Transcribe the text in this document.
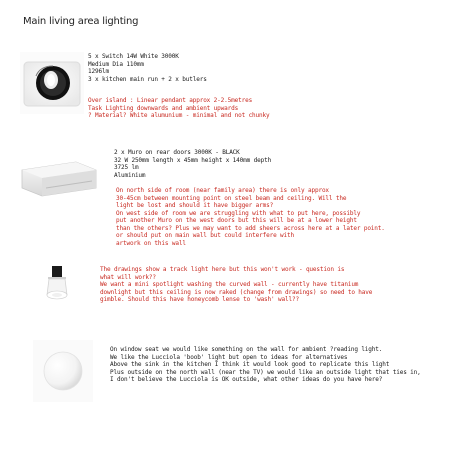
Main living area lighting
5 x Switch 14W White 3000K
Medium Dia 110mm
1296lm
3 x kitchen main run + 2 x butlers
Over island : Linear pendant approx 2-2.5metres
Task Lighting downwards and ambient upwards
? Material? White alumunium - minimal and not chunky
2 x Muro on rear doors 3000K - BLACK
32 W 250mm length x 45mm height x 140mm depth
3725 lm
Aluminium
On north side of room (near family area) there is only approx
30-45cm between mounting point on steel beam and ceiling. Will the
light be lost and should it have bigger arms?
On west side of room we are struggling with what to put here, possibly
put another Muro on the west doors but this will be at a lower height
than the others? Plus we may want to add sheers across here at a later point.
or should put on main wall but could interfere with
artwork on this wall
The drawings show a track light here but this won't work - question is
what will work??
We want a mini spotlight washing the curved wall - currently have titanium
downlight but this ceiling is now raked (change from drawings) so need to have
gimble. Should this have honeycomb lense to 'wash' wall??
On window seat we would like something on the wall for ambient ?reading light.
We like the Lucciola 'boob' light but open to ideas for alternatives
Above the sink in the kitchen I think it would look good to replicate this light
Plus outside on the north wall (near the TV) we would like an outside light that ties in,
I don't believe the Lucciola is OK outside, what other ideas do you have here?
